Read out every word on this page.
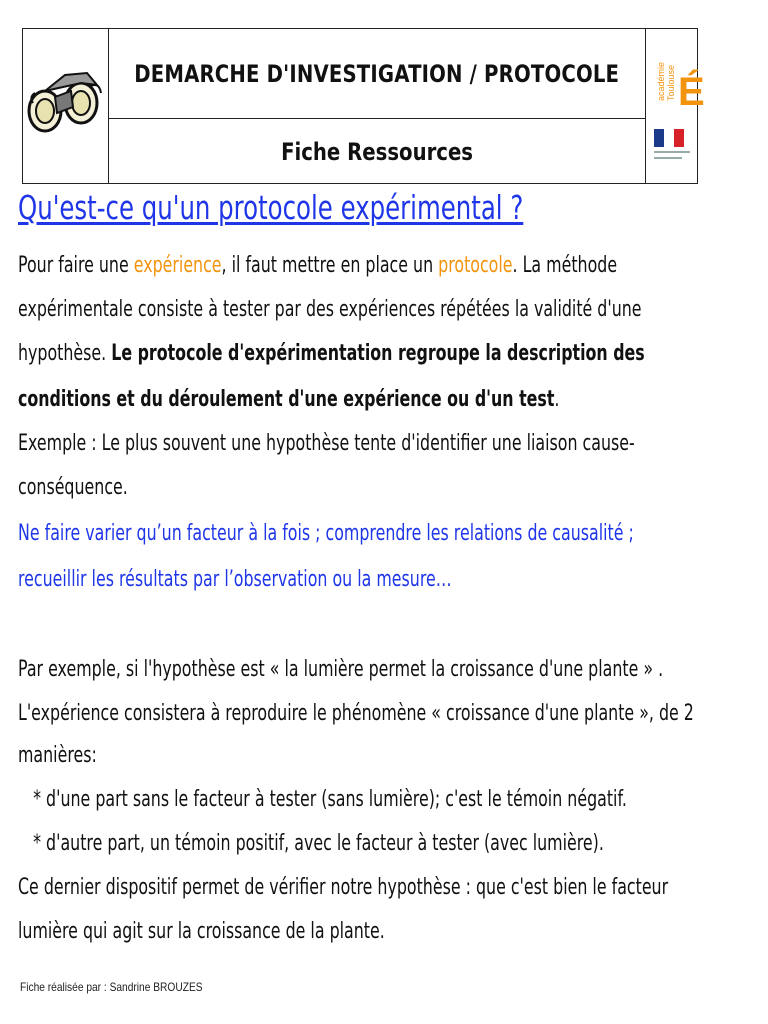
DEMARCHE D'INVESTIGATION / PROTOCOLE
Fiche Ressources
académie Toulouse É
Qu'est-ce qu'un protocole expérimental ?
Pour faire une expérience, il faut mettre en place un protocole. La méthode
expérimentale consiste à tester par des expériences répétées la validité d'une
hypothèse. Le protocole d'expérimentation regroupe la description des
conditions et du déroulement d'une expérience ou d'un test.
Exemple : Le plus souvent une hypothèse tente d'identifier une liaison cause-
conséquence.
Ne faire varier qu’un facteur à la fois ; comprendre les relations de causalité ;
recueillir les résultats par l’observation ou la mesure…
Par exemple, si l'hypothèse est « la lumière permet la croissance d'une plante » .
L'expérience consistera à reproduire le phénomène « croissance d'une plante », de 2
manières:
* d'une part sans le facteur à tester (sans lumière); c'est le témoin négatif.
* d'autre part, un témoin positif, avec le facteur à tester (avec lumière).
Ce dernier dispositif permet de vérifier notre hypothèse : que c'est bien le facteur
lumière qui agit sur la croissance de la plante.
Fiche réalisée par : Sandrine BROUZES
